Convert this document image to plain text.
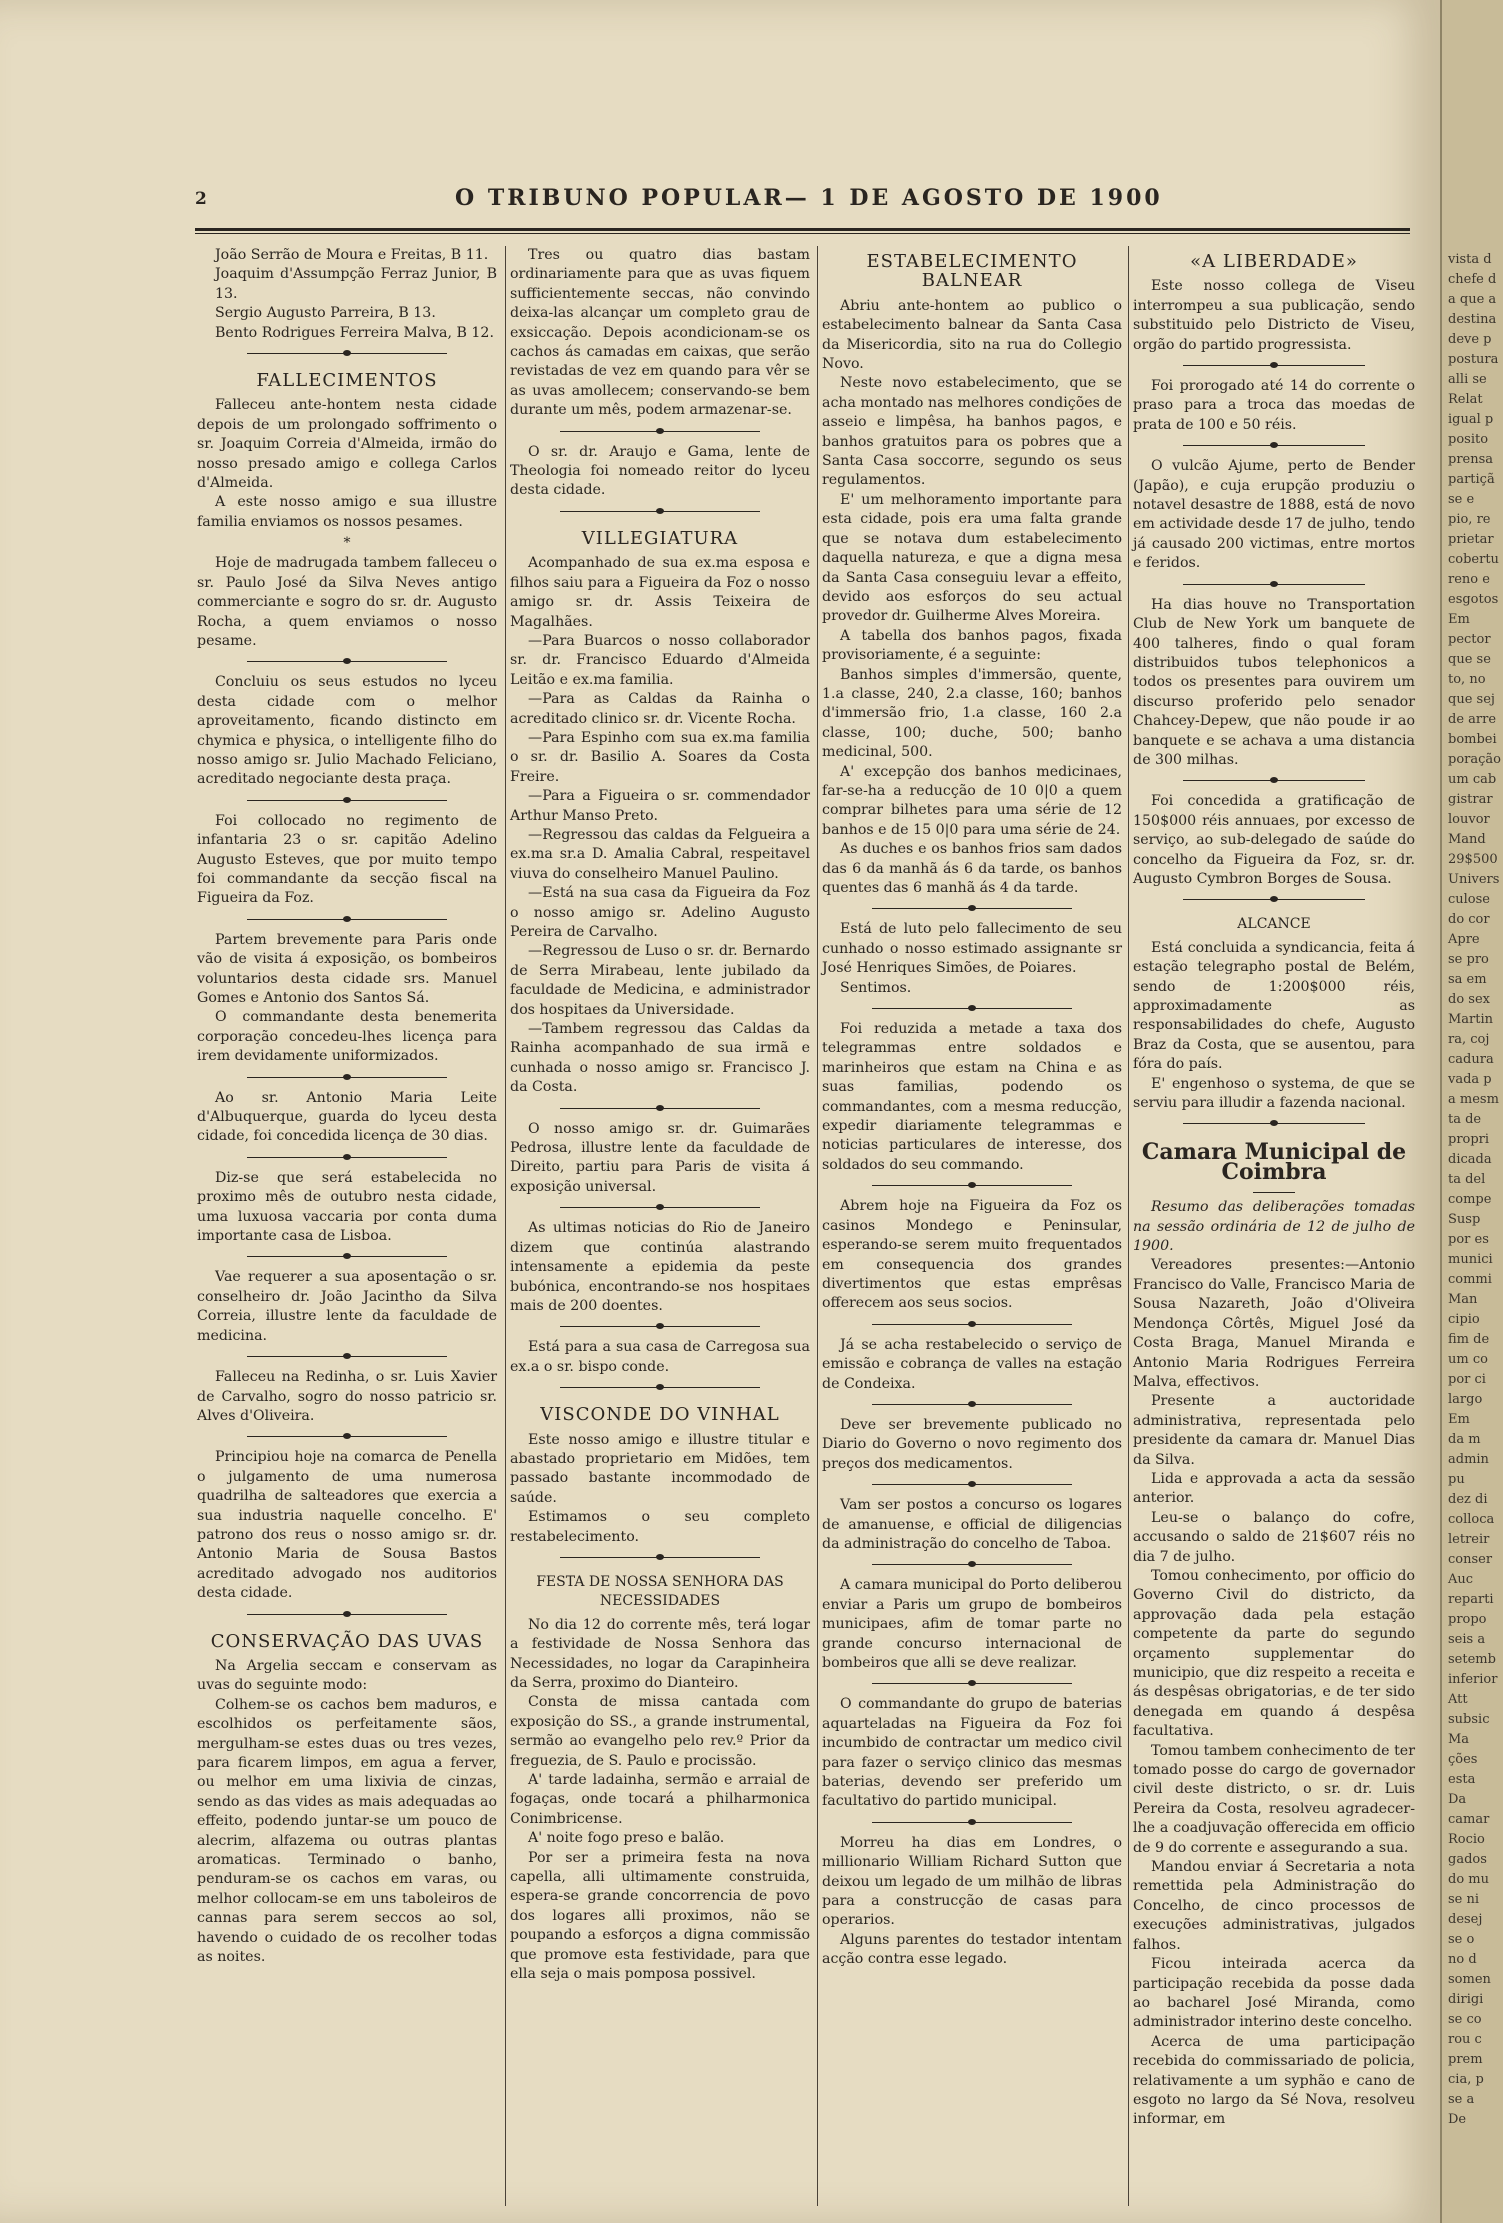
vista d
chefe d
a que a
destina
deve p
postura
alli se
Relat
igual p
posito
prensa
partiçã
se e
pio, re
prietar
cobertu
reno e
esgotos
Em
pector
que se
to, no
que sej
de arre
bombei
poração
um cab
gistrar
louvor
Mand
29$500
Univers
culose
do cor
Apre
se pro
sa em
do sex
Martin
ra, coj
cadura
vada p
a mesm
ta de
propri
dicada
ta del
compe
Susp
por es
munici
commi
Man
cipio
fim de
um co
por ci
largo
Em
da m
admin
pu
dez di
colloca
letreir
conser
Auc
reparti
propo
seis a
setemb
inferior
Att
subsic
Ma
ções
esta
Da
camar
Rocio
gados
do mu
se ni
desej
se o
no d
somen
dirigi
se co
rou c
prem
cia, p
se a
De
2	O TRIBUNO POPULAR— 1 DE AGOSTO DE 1900

João Serrão de Moura e Freitas, B 11.

Joaquim d'Assumpção Ferraz Junior, B 13.

Sergio Augusto Parreira, B 13.

Bento Rodrigues Ferreira Malva, B 12.

FALLECIMENTOS

Falleceu ante-hontem nesta cidade depois de um prolongado soffrimento o sr. Joaquim Correia d'Almeida, irmão do nosso presado amigo e collega Carlos d'Almeida.

A este nosso amigo e sua illustre familia enviamos os nossos pesames.

*

Hoje de madrugada tambem falleceu o sr. Paulo José da Silva Neves antigo commerciante e sogro do sr. dr. Augusto Rocha, a quem enviamos o nosso pesame.

Concluiu os seus estudos no lyceu desta cidade com o melhor aproveitamento, ficando distincto em chymica e physica, o intelligente filho do nosso amigo sr. Julio Machado Feliciano, acreditado negociante desta praça.

Foi collocado no regimento de infantaria 23 o sr. capitão Adelino Augusto Esteves, que por muito tempo foi commandante da secção fiscal na Figueira da Foz.

Partem brevemente para Paris onde vão de visita á exposição, os bombeiros voluntarios desta cidade srs. Manuel Gomes e Antonio dos Santos Sá.

O commandante desta benemerita corporação concedeu-lhes licença para irem devidamente uniformizados.

Ao sr. Antonio Maria Leite d'Albuquerque, guarda do lyceu desta cidade, foi concedida licença de 30 dias.

Diz-se que será estabelecida no proximo mês de outubro nesta cidade, uma luxuosa vaccaria por conta duma importante casa de Lisboa.

Vae requerer a sua aposentação o sr. conselheiro dr. João Jacintho da Silva Correia, illustre lente da faculdade de medicina.

Falleceu na Redinha, o sr. Luis Xavier de Carvalho, sogro do nosso patricio sr. Alves d'Oliveira.

Principiou hoje na comarca de Penella o julgamento de uma numerosa quadrilha de salteadores que exercia a sua industria naquelle concelho. E' patrono dos reus o nosso amigo sr. dr. Antonio Maria de Sousa Bastos acreditado advogado nos auditorios desta cidade.

CONSERVAÇÃO DAS UVAS

Na Argelia seccam e conservam as uvas do seguinte modo:

Colhem-se os cachos bem maduros, e escolhidos os perfeitamente sãos, mergulham-se estes duas ou tres vezes, para ficarem limpos, em agua a ferver, ou melhor em uma lixivia de cinzas, sendo as das vides as mais adequadas ao effeito, podendo juntar-se um pouco de alecrim, alfazema ou outras plantas aromaticas. Terminado o banho, penduram-se os cachos em varas, ou melhor collocam-se em uns taboleiros de cannas para serem seccos ao sol, havendo o cuidado de os recolher todas as noites.

Tres ou quatro dias bastam ordinariamente para que as uvas fiquem sufficientemente seccas, não convindo deixa-las alcançar um completo grau de exsiccação. Depois acondicionam-se os cachos ás camadas em caixas, que serão revistadas de vez em quando para vêr se as uvas amollecem; conservando-se bem durante um mês, podem armazenar-se.

O sr. dr. Araujo e Gama, lente de Theologia foi nomeado reitor do lyceu desta cidade.

VILLEGIATURA

Acompanhado de sua ex.ma esposa e filhos saiu para a Figueira da Foz o nosso amigo sr. dr. Assis Teixeira de Magalhães.

—Para Buarcos o nosso collaborador sr. dr. Francisco Eduardo d'Almeida Leitão e ex.ma familia.

—Para as Caldas da Rainha o acreditado clinico sr. dr. Vicente Rocha.

—Para Espinho com sua ex.ma familia o sr. dr. Basilio A. Soares da Costa Freire.

—Para a Figueira o sr. commendador Arthur Manso Preto.

—Regressou das caldas da Felgueira a ex.ma sr.a D. Amalia Cabral, respeitavel viuva do conselheiro Manuel Paulino.

—Está na sua casa da Figueira da Foz o nosso amigo sr. Adelino Augusto Pereira de Carvalho.

—Regressou de Luso o sr. dr. Bernardo de Serra Mirabeau, lente jubilado da faculdade de Medicina, e administrador dos hospitaes da Universidade.

—Tambem regressou das Caldas da Rainha acompanhado de sua irmã e cunhada o nosso amigo sr. Francisco J. da Costa.

O nosso amigo sr. dr. Guimarães Pedrosa, illustre lente da faculdade de Direito, partiu para Paris de visita á exposição universal.

As ultimas noticias do Rio de Janeiro dizem que continúa alastrando intensamente a epidemia da peste bubónica, encontrando-se nos hospitaes mais de 200 doentes.

Está para a sua casa de Carregosa sua ex.a o sr. bispo conde.

VISCONDE DO VINHAL

Este nosso amigo e illustre titular e abastado proprietario em Midões, tem passado bastante incommodado de saúde.

Estimamos o seu completo restabelecimento.

FESTA DE NOSSA SENHORA DAS NECESSIDADES

No dia 12 do corrente mês, terá logar a festividade de Nossa Senhora das Necessidades, no logar da Carapinheira da Serra, proximo do Dianteiro.

Consta de missa cantada com exposição do SS., a grande instrumental, sermão ao evangelho pelo rev.º Prior da freguezia, de S. Paulo e procissão.

A' tarde ladainha, sermão e arraial de fogaças, onde tocará a philharmonica Conimbricense.

A' noite fogo preso e balão.

Por ser a primeira festa na nova capella, alli ultimamente construida, espera-se grande concorrencia de povo dos logares alli proximos, não se poupando a esforços a digna commissão que promove esta festividade, para que ella seja o mais pomposa possivel.

ESTABELECIMENTO BALNEAR

Abriu ante-hontem ao publico o estabelecimento balnear da Santa Casa da Misericordia, sito na rua do Collegio Novo.

Neste novo estabelecimento, que se acha montado nas melhores condições de asseio e limpêsa, ha banhos pagos, e banhos gratuitos para os pobres que a Santa Casa soccorre, segundo os seus regulamentos.

E' um melhoramento importante para esta cidade, pois era uma falta grande que se notava dum estabelecimento daquella natureza, e que a digna mesa da Santa Casa conseguiu levar a effeito, devido aos esforços do seu actual provedor dr. Guilherme Alves Moreira.

A tabella dos banhos pagos, fixada provisoriamente, é a seguinte:

Banhos simples d'immersão, quente, 1.a classe, 240, 2.a classe, 160; banhos d'immersão frio, 1.a classe, 160 2.a classe, 100; duche, 500; banho medicinal, 500.

A' excepção dos banhos medicinaes, far-se-ha a reducção de 10 0|0 a quem comprar bilhetes para uma série de 12 banhos e de 15 0|0 para uma série de 24.

As duches e os banhos frios sam dados das 6 da manhã ás 6 da tarde, os banhos quentes das 6 manhã ás 4 da tarde.

Está de luto pelo fallecimento de seu cunhado o nosso estimado assignante sr José Henriques Simões, de Poiares.

Sentimos.

Foi reduzida a metade a taxa dos telegrammas entre soldados e marinheiros que estam na China e as suas familias, podendo os commandantes, com a mesma reducção, expedir diariamente telegrammas e noticias particulares de interesse, dos soldados do seu commando.

Abrem hoje na Figueira da Foz os casinos Mondego e Peninsular, esperando-se serem muito frequentados em consequencia dos grandes divertimentos que estas emprêsas offerecem aos seus socios.

Já se acha restabelecido o serviço de emissão e cobrança de valles na estação de Condeixa.

Deve ser brevemente publicado no Diario do Governo o novo regimento dos preços dos medicamentos.

Vam ser postos a concurso os logares de amanuense, e official de diligencias da administração do concelho de Taboa.

A camara municipal do Porto deliberou enviar a Paris um grupo de bombeiros municipaes, afim de tomar parte no grande concurso internacional de bombeiros que alli se deve realizar.

O commandante do grupo de baterias aquarteladas na Figueira da Foz foi incumbido de contractar um medico civil para fazer o serviço clinico das mesmas baterias, devendo ser preferido um facultativo do partido municipal.

Morreu ha dias em Londres, o millionario William Richard Sutton que deixou um legado de um milhão de libras para a construcção de casas para operarios.

Alguns parentes do testador intentam acção contra esse legado.

«A LIBERDADE»

Este nosso collega de Viseu interrompeu a sua publicação, sendo substituido pelo Districto de Viseu, orgão do partido progressista.

Foi prorogado até 14 do corrente o praso para a troca das moedas de prata de 100 e 50 réis.

O vulcão Ajume, perto de Bender (Japão), e cuja erupção produziu o notavel desastre de 1888, está de novo em actividade desde 17 de julho, tendo já causado 200 victimas, entre mortos e feridos.

Ha dias houve no Transportation Club de New York um banquete de 400 talheres, findo o qual foram distribuidos tubos telephonicos a todos os presentes para ouvirem um discurso proferido pelo senador Chahcey-Depew, que não poude ir ao banquete e se achava a uma distancia de 300 milhas.

Foi concedida a gratificação de 150$000 réis annuaes, por excesso de serviço, ao sub-delegado de saúde do concelho da Figueira da Foz, sr. dr. Augusto Cymbron Borges de Sousa.

ALCANCE

Está concluida a syndicancia, feita á estação telegrapho postal de Belém, sendo de 1:200$000 réis, approximadamente as responsabilidades do chefe, Augusto Braz da Costa, que se ausentou, para fóra do país.

E' engenhoso o systema, de que se serviu para illudir a fazenda nacional.

Camara Municipal de Coimbra

Resumo das deliberações tomadas na sessão ordinária de 12 de julho de 1900.

Vereadores presentes:—Antonio Francisco do Valle, Francisco Maria de Sousa Nazareth, João d'Oliveira Mendonça Côrtês, Miguel José da Costa Braga, Manuel Miranda e Antonio Maria Rodrigues Ferreira Malva, effectivos.

Presente a auctoridade administrativa, representada pelo presidente da camara dr. Manuel Dias da Silva.

Lida e approvada a acta da sessão anterior.

Leu-se o balanço do cofre, accusando o saldo de 21$607 réis no dia 7 de julho.

Tomou conhecimento, por officio do Governo Civil do districto, da approvação dada pela estação competente da parte do segundo orçamento supplementar do municipio, que diz respeito a receita e ás despêsas obrigatorias, e de ter sido denegada em quando á despêsa facultativa.

Tomou tambem conhecimento de ter tomado posse do cargo de governador civil deste districto, o sr. dr. Luis Pereira da Costa, resolveu agradecer-lhe a coadjuvação offerecida em officio de 9 do corrente e assegurando a sua.

Mandou enviar á Secretaria a nota remettida pela Administração do Concelho, de cinco processos de execuções administrativas, julgados falhos.

Ficou inteirada acerca da participação recebida da posse dada ao bacharel José Miranda, como administrador interino deste concelho.

Acerca de uma participação recebida do commissariado de policia, relativamente a um syphão e cano de esgoto no largo da Sé Nova, resolveu informar, em
